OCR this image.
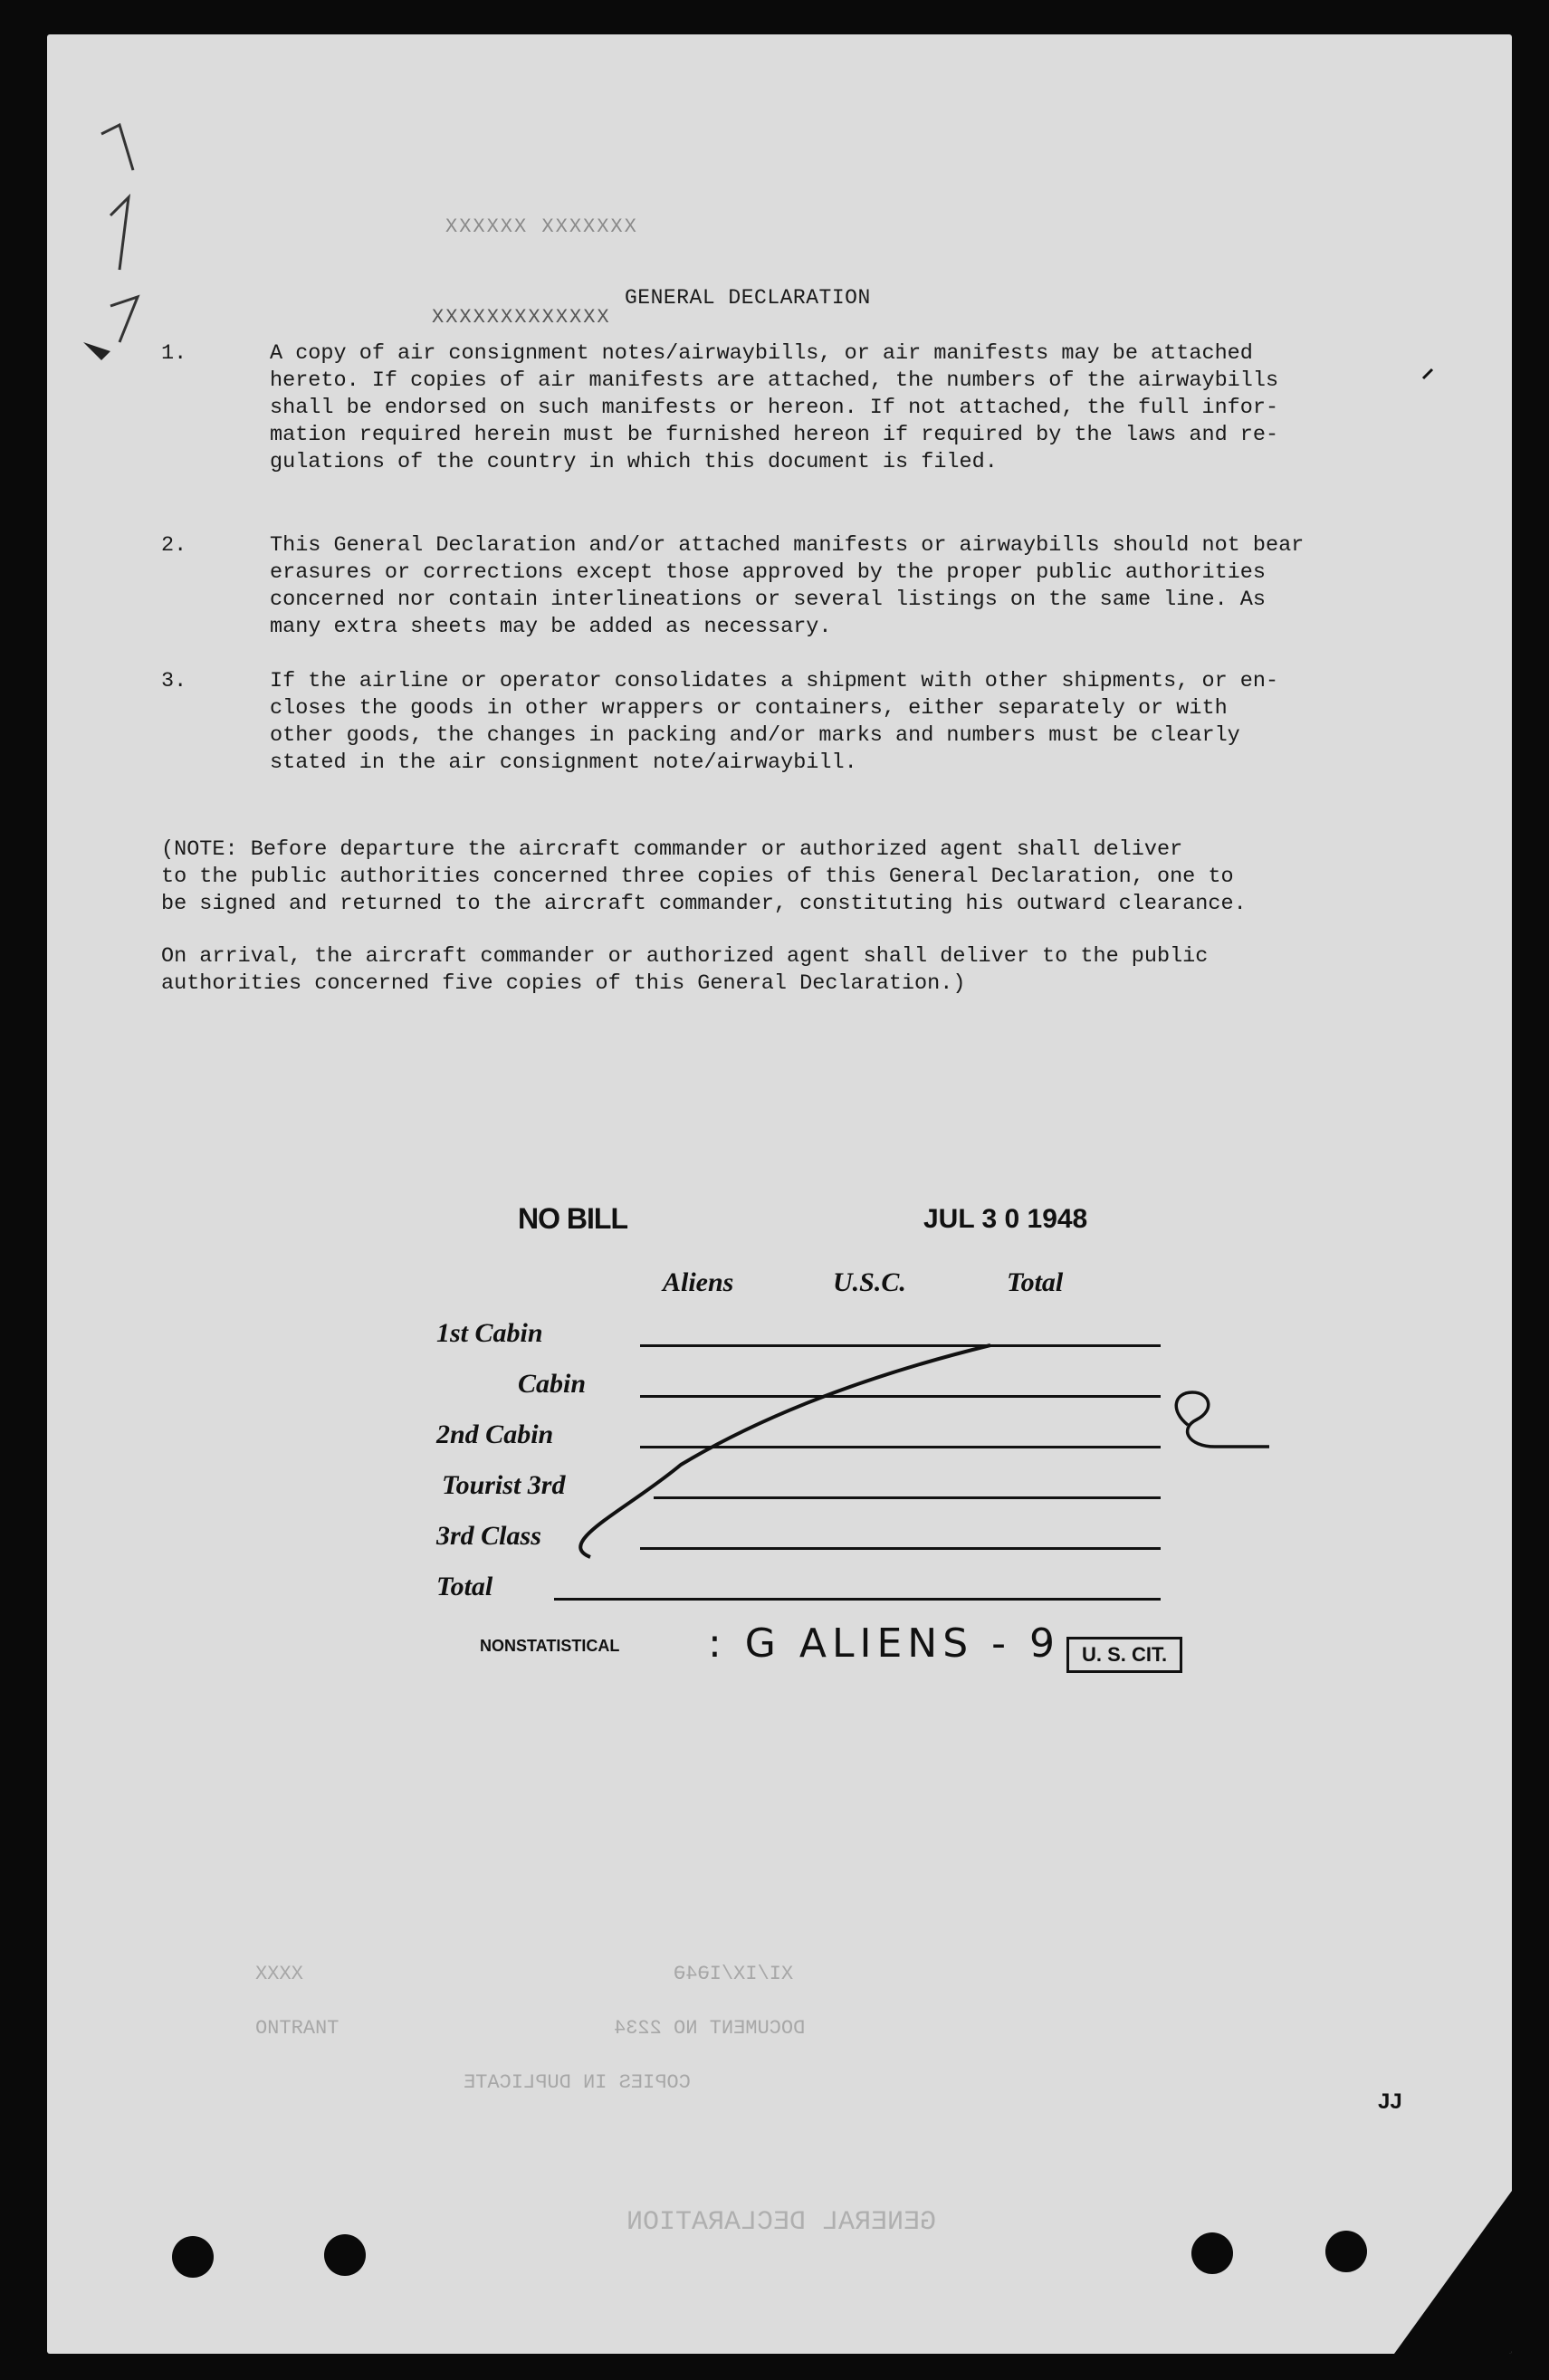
XXXXXX XXXXXXX
GENERAL DECLARATION
XXXXXXXXXXXXX
1.	A copy of air consignment notes/airwaybills, or air manifests may be attached
hereto. If copies of air manifests are attached, the numbers of the airwaybills
shall be endorsed on such manifests or hereon. If not attached, the full infor-
mation required herein must be furnished hereon if required by the laws and re-
gulations of the country in which this document is filed.
2.	This General Declaration and/or attached manifests or airwaybills should not bear
erasures or corrections except those approved by the proper public authorities
concerned nor contain interlineations or several listings on the same line. As
many extra sheets may be added as necessary.
3.	If the airline or operator consolidates a shipment with other shipments, or en-
closes the goods in other wrappers or containers, either separately or with
other goods, the changes in packing and/or marks and numbers must be clearly
stated in the air consignment note/airwaybill.
(NOTE: Before departure the aircraft commander or authorized agent shall deliver
to the public authorities concerned three copies of this General Declaration, one to
be signed and returned to the aircraft commander, constituting his outward clearance.
On arrival, the aircraft commander or authorized agent shall deliver to the public
authorities concerned five copies of this General Declaration.)
NO BILL	JUL 3 0 1948
Aliens	U.S.C.	Total
1st Cabin
Cabin
2nd Cabin
Tourist 3rd
3rd Class
Total
NONSTATISTICAL : G ALIENS - 9	U. S. CIT.
ХІ/ІХ/ІӘ4Ә                               ХХХХ
DOCUMENT NO 2234                       ТИАЯТИО
COPIES IN DUPLICATE
GENERAL DECLARATION
JJ
